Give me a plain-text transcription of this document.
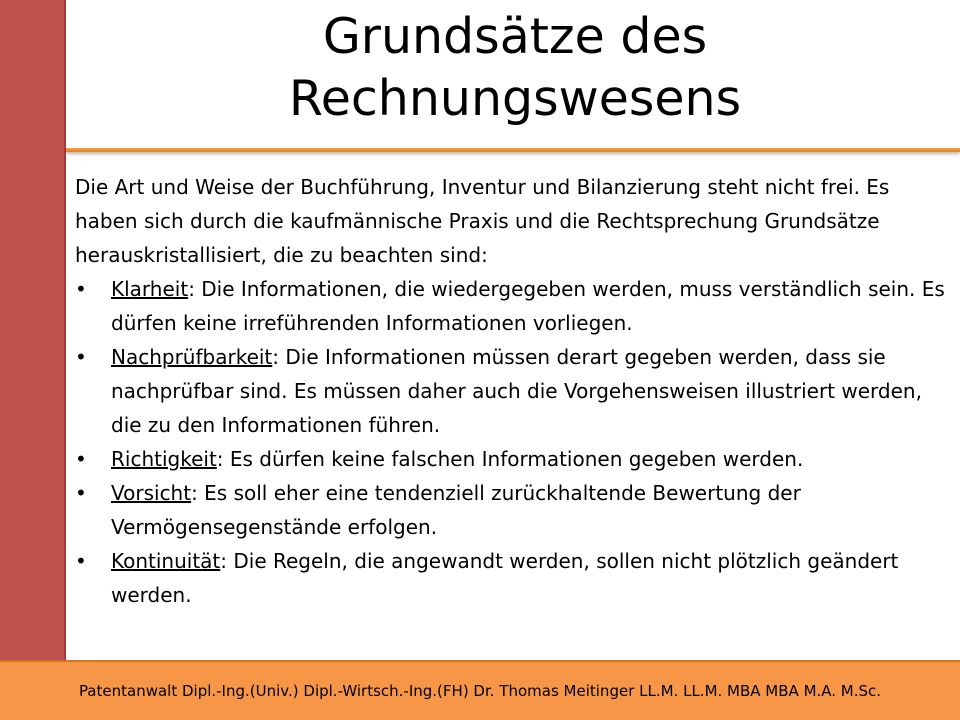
Grundsätze des
Rechnungswesens

Die Art und Weise der Buchführung, Inventur und Bilanzierung steht nicht frei. Es haben sich durch die kaufmännische Praxis und die Rechtsprechung Grundsätze herauskristallisiert, die zu beachten sind:

• Klarheit: Die Informationen, die wiedergegeben werden, muss verständlich sein. Es dürfen keine irreführenden Informationen vorliegen.
• Nachprüfbarkeit: Die Informationen müssen derart gegeben werden, dass sie nachprüfbar sind. Es müssen daher auch die Vorgehensweisen illustriert werden, die zu den Informationen führen.
• Richtigkeit: Es dürfen keine falschen Informationen gegeben werden.
• Vorsicht: Es soll eher eine tendenziell zurückhaltende Bewertung der Vermögensegenstände erfolgen.
• Kontinuität: Die Regeln, die angewandt werden, sollen nicht plötzlich geändert werden.
Patentanwalt Dipl.-Ing.(Univ.) Dipl.-Wirtsch.-Ing.(FH) Dr. Thomas Meitinger LL.M. LL.M. MBA MBA M.A. M.Sc.
